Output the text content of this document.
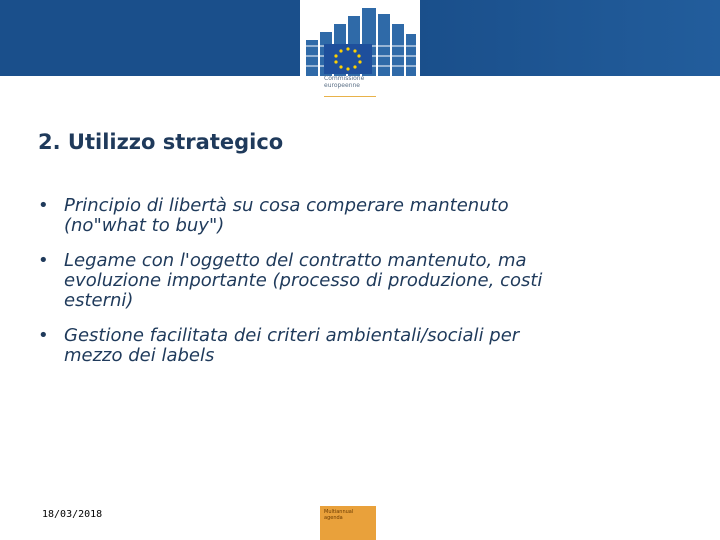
Commissione
europeenne
2. Utilizzo strategico
• Principio di libertà su cosa comperare mantenuto
(no"what to buy")
• Legame con l'oggetto del contratto mantenuto, ma
evoluzione importante (processo di produzione, costi
esterni)
• Gestione facilitata dei criteri ambientali/sociali per
mezzo dei labels
18/03/2018	Multiannual
agenda
